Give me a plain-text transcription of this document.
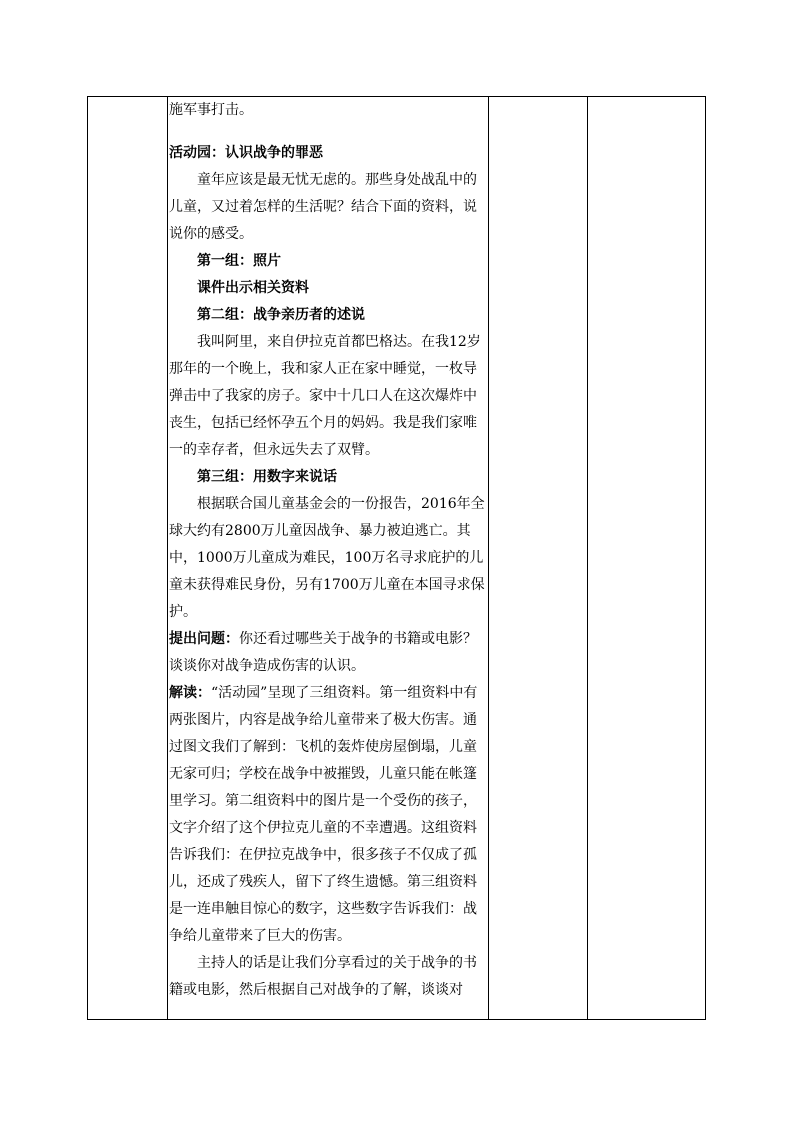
施军事打击。

活动园：认识战争的罪恶

童年应该是最无忧无虑的。那些身处战乱中的儿童，又过着怎样的生活呢？结合下面的资料，说说你的感受。

第一组：照片

课件出示相关资料

第二组：战争亲历者的述说

我叫阿里，来自伊拉克首都巴格达。在我12岁那年的一个晚上，我和家人正在家中睡觉，一枚导弹击中了我家的房子。家中十几口人在这次爆炸中丧生，包括已经怀孕五个月的妈妈。我是我们家唯一的幸存者，但永远失去了双臂。

第三组：用数字来说话

根据联合国儿童基金会的一份报告，2016年全球大约有2800万儿童因战争、暴力被迫逃亡。其中，1000万儿童成为难民，100万名寻求庇护的儿童未获得难民身份，另有1700万儿童在本国寻求保护。

提出问题：你还看过哪些关于战争的书籍或电影？谈谈你对战争造成伤害的认识。

解读：“活动园”呈现了三组资料。第一组资料中有两张图片，内容是战争给儿童带来了极大伤害。通过图文我们了解到：飞机的轰炸使房屋倒塌，儿童无家可归；学校在战争中被摧毁，儿童只能在帐篷里学习。第二组资料中的图片是一个受伤的孩子，文字介绍了这个伊拉克儿童的不幸遭遇。这组资料告诉我们：在伊拉克战争中，很多孩子不仅成了孤儿，还成了残疾人，留下了终生遗憾。第三组资料是一连串触目惊心的数字，这些数字告诉我们：战争给儿童带来了巨大的伤害。

主持人的话是让我们分享看过的关于战争的书籍或电影，然后根据自己对战争的了解，谈谈对
